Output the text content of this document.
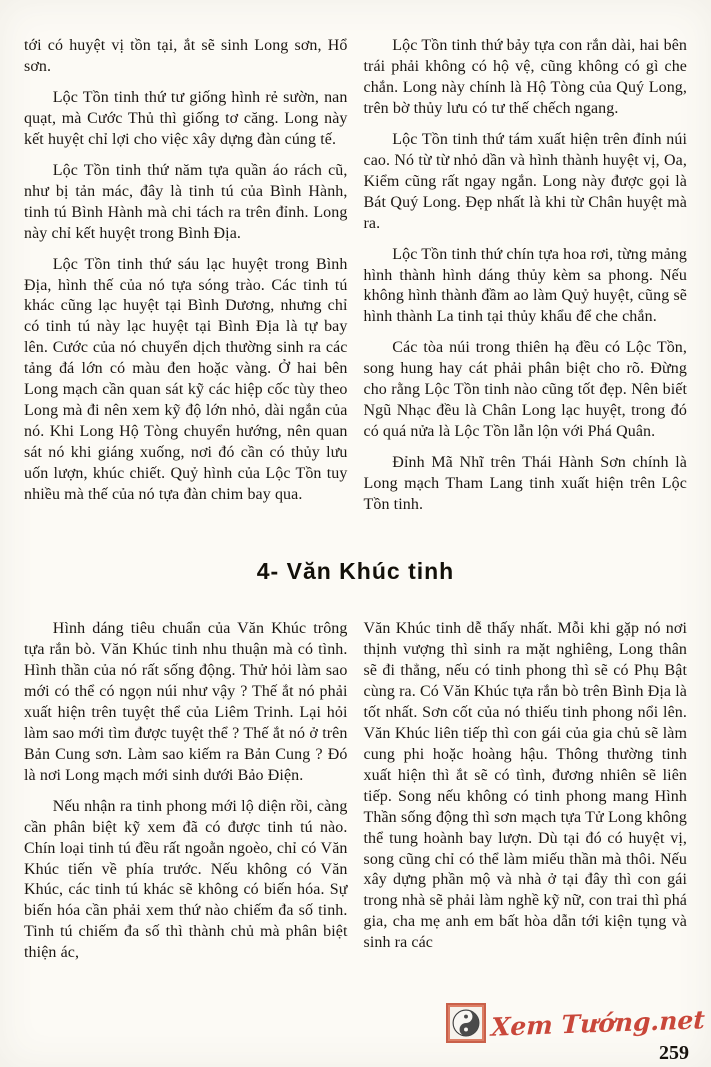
tới có huyệt vị tồn tại, ắt sẽ sinh Long sơn, Hổ sơn.

Lộc Tồn tinh thứ tư giống hình rẻ sườn, nan quạt, mà Cước Thủ thì giống tơ căng. Long này kết huyệt chỉ lợi cho việc xây dựng đàn cúng tế.

Lộc Tồn tinh thứ năm tựa quần áo rách cũ, như bị tản mác, đây là tinh tú của Bình Hành, tinh tú Bình Hành mà chi tách ra trên đỉnh. Long này chỉ kết huyệt trong Bình Địa.

Lộc Tồn tinh thứ sáu lạc huyệt trong Bình Địa, hình thế của nó tựa sóng trào. Các tinh tú khác cũng lạc huyệt tại Bình Dương, nhưng chỉ có tinh tú này lạc huyệt tại Bình Địa là tự bay lên. Cước của nó chuyển dịch thường sinh ra các tảng đá lớn có màu đen hoặc vàng. Ở hai bên Long mạch cần quan sát kỹ các hiệp cốc tùy theo Long mà đi nên xem kỹ độ lớn nhỏ, dài ngắn của nó. Khi Long Hộ Tòng chuyển hướng, nên quan sát nó khi giáng xuống, nơi đó cần có thủy lưu uốn lượn, khúc chiết. Quỷ hình của Lộc Tồn tuy nhiều mà thế của nó tựa đàn chim bay qua.

Lộc Tồn tinh thứ bảy tựa con rắn dài, hai bên trái phải không có hộ vệ, cũng không có gì che chắn. Long này chính là Hộ Tòng của Quý Long, trên bờ thủy lưu có tư thế chếch ngang.

Lộc Tồn tinh thứ tám xuất hiện trên đỉnh núi cao. Nó từ từ nhỏ dần và hình thành huyệt vị, Oa, Kiểm cũng rất ngay ngắn. Long này được gọi là Bát Quý Long. Đẹp nhất là khi từ Chân huyệt mà ra.

Lộc Tồn tinh thứ chín tựa hoa rơi, từng mảng hình thành hình dáng thủy kèm sa phong. Nếu không hình thành đầm ao làm Quỷ huyệt, cũng sẽ hình thành La tinh tại thủy khẩu để che chắn.

Các tòa núi trong thiên hạ đều có Lộc Tồn, song hung hay cát phải phân biệt cho rõ. Đừng cho rằng Lộc Tồn tinh nào cũng tốt đẹp. Nên biết Ngũ Nhạc đều là Chân Long lạc huyệt, trong đó có quá nửa là Lộc Tồn lẫn lộn với Phá Quân.

Đỉnh Mã Nhĩ trên Thái Hành Sơn chính là Long mạch Tham Lang tinh xuất hiện trên Lộc Tồn tinh.

4- Văn Khúc tinh

Hình dáng tiêu chuẩn của Văn Khúc trông tựa rắn bò. Văn Khúc tinh nhu thuận mà có tình. Hình thần của nó rất sống động. Thử hỏi làm sao mới có thể có ngọn núi như vậy ? Thế ắt nó phải xuất hiện trên tuyệt thể của Liêm Trinh. Lại hỏi làm sao mới tìm được tuyệt thể ? Thế ắt nó ở trên Bản Cung sơn. Làm sao kiếm ra Bản Cung ? Đó là nơi Long mạch mới sinh dưới Bảo Điện.

Nếu nhận ra tinh phong mới lộ diện rồi, càng cần phân biệt kỹ xem đã có được tinh tú nào. Chín loại tinh tú đều rất ngoằn ngoèo, chỉ có Văn Khúc tiến về phía trước. Nếu không có Văn Khúc, các tinh tú khác sẽ không có biến hóa. Sự biến hóa cần phải xem thứ nào chiếm đa số tinh. Tinh tú chiếm đa số thì thành chủ mà phân biệt thiện ác,

Văn Khúc tinh dễ thấy nhất. Mỗi khi gặp nó nơi thịnh vượng thì sinh ra mặt nghiêng, Long thân sẽ đi thẳng, nếu có tinh phong thì sẽ có Phụ Bật cùng ra. Có Văn Khúc tựa rắn bò trên Bình Địa là tốt nhất. Sơn cốt của nó thiếu tinh phong nổi lên. Văn Khúc liên tiếp thì con gái của gia chủ sẽ làm cung phi hoặc hoàng hậu. Thông thường tinh xuất hiện thì ắt sẽ có tình, đương nhiên sẽ liên tiếp. Song nếu không có tinh phong mang Hình Thần sống động thì sơn mạch tựa Tử Long không thể tung hoành bay lượn. Dù tại đó có huyệt vị, song cũng chỉ có thể làm miếu thần mà thôi. Nếu xây dựng phần mộ và nhà ở tại đây thì con gái trong nhà sẽ phải làm nghề kỹ nữ, con trai thì phá gia, cha mẹ anh em bất hòa dẫn tới kiện tụng và sinh ra các

Xem Tướng.net
259
